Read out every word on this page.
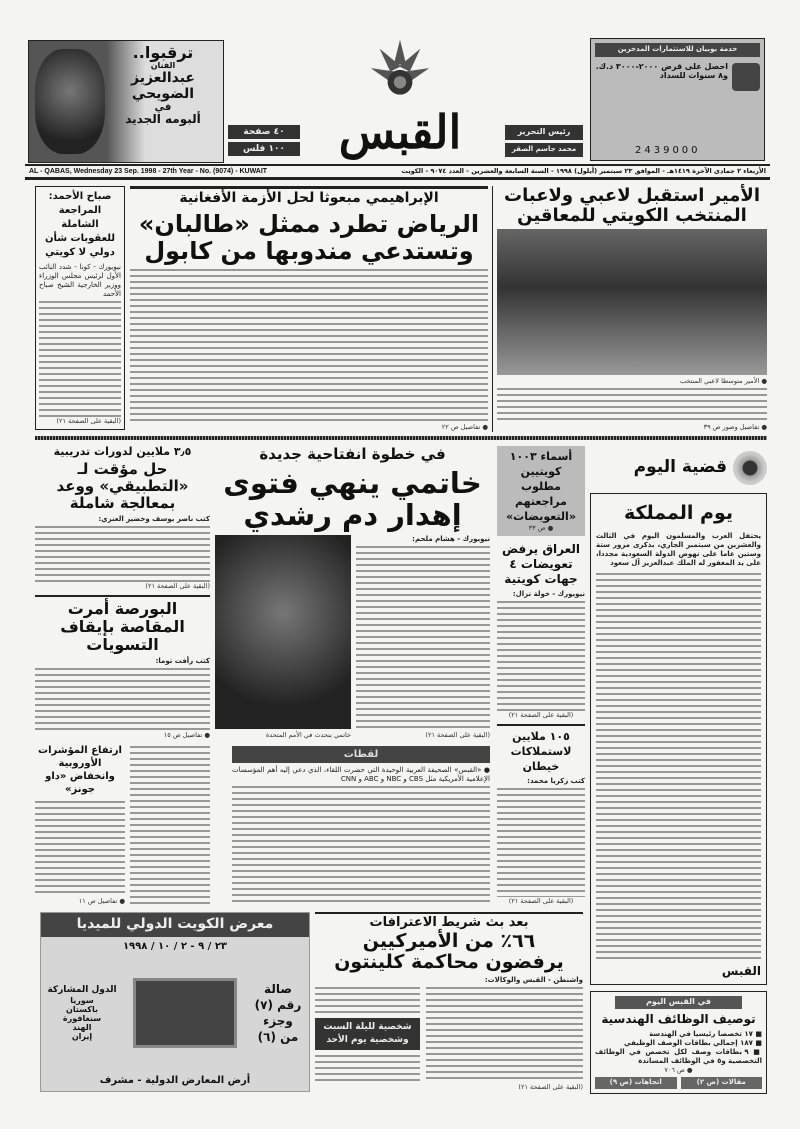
ترقبوا..
الفنان
عبدالعزيز الضويحي
في
ألبومه الجديد
٤٠ صفحة
١٠٠ فلس	القبس	رئيس التحرير
محمد جاسم الصقر
خدمة بوبيان للاستثمارات المدخرين
احصل على قرض ٢٠٠٠-٣٠٠٠ د.ك.
و٨ سنوات للسداد
2439000
AL - QABAS, Wednesday 23 Sep. 1998 - 27th Year - No. (9074) - KUWAIT	الأربعاء ٢ جمادى الآخرة ١٤١٩هـ - الموافق ٢٣ سبتمبر (أيلول) ١٩٩٨ - السنة السابعة والعشرين - العدد ٩٠٧٤ - الكويت
الأمير استقبل لاعبي ولاعبات المنتخب الكويتي للمعاقين
● الأمير متوسطا لاعبي المنتخب
● تفاصيل وصور ص ٣٩
الإبراهيمي مبعوثا لحل الأزمة الأفغانية
الرياض تطرد ممثل «طالبان»
وتستدعي مندوبها من كابول
● تفاصيل ص ٢٢
صباح الأحمد: المراجعة الشاملة للعقوبات شأن دولي لا كويتي
نيويورك - كونا - شدد النائب الأول لرئيس مجلس الوزراء ووزير الخارجية الشيخ صباح الأحمد
(البقية على الصفحة ٢١)
قضية اليوم
يوم المملكة
يحتفل العرب والمسلمون اليوم في الثالث والعشرين من سبتمبر الجاري، بذكرى مرور ستة وستين عاما على نهوض الدولة السعودية مجددا، على يد المغفور له الملك عبدالعزيز آل سعود
القبس
في القبس اليوم
توصيف الوظائف الهندسية
■ ١٧ تخصصا رئيسيا في الهندسة
■ ١٨٧ إجمالي بطاقات الوصف الوظيفي
■ ٩ بطاقات وصف لكل تخصص في الوظائف التخصصية و٥ في الوظائف المساندة
● ص ٧٠٦
مقالات (ص ٢)
اتجاهات (ص ٩)
أسماء ١٠٠٣ كويتيين مطلوب مراجعتهم «التعويضات»
● ص ٣٣
العراق يرفض تعويضات ٤ جهات كويتية
نيويورك - خولة نزال:
(البقية على الصفحة ٢١)
١٠٥ ملايين لاستملاكات خيطان
كتب زكريا محمد:
(البقية على الصفحة ٢١)
في خطوة انفتاحية جديدة
خاتمي ينهي فتوى
إهدار دم رشدي
خاتمي يتحدث في الأمم المتحدة
نيويورك - هشام ملحم:
(البقية على الصفحة ٢١)
لقطات
● «القبس» الصحيفة العربية الوحيدة التي حضرت اللقاء، الذي دعي إليه أهم المؤسسات الإعلامية الأمريكية مثل CBS و NBC و ABC و CNN
٣٫٥ ملايين لدورات تدريبية
حل مؤقت لـ «التطبيقي» ووعد بمعالجة شاملة
كتب ناصر يوسف وخضير العنزي:
(البقية على الصفحة ٢١)
البورصة أمرت المقاصة بإيقاف التسويات
كتب رأفت توما:
● تفاصيل ص ١٥
ارتفاع المؤشرات الأوروبية وانخفاض «داو جونز»
● تفاصيل ص ١١
معرض الكويت الدولي للميديا
٢٣ / ٩ - ٢ / ١٠ / ١٩٩٨
الدول المشاركة
سوريا
باكستان
سنغافورة
الهند
إيران
صالة رقم (٧) وجزء من (٦)
أرض المعارض الدولية - مشرف
بعد بث شريط الاعترافات
٦٦٪ من الأميركيين
يرفضون محاكمة كلينتون
واشنطن - القبس والوكالات:
شخصية لليلة السبت وشخصية يوم الأحد
(البقية على الصفحة ٢١)
